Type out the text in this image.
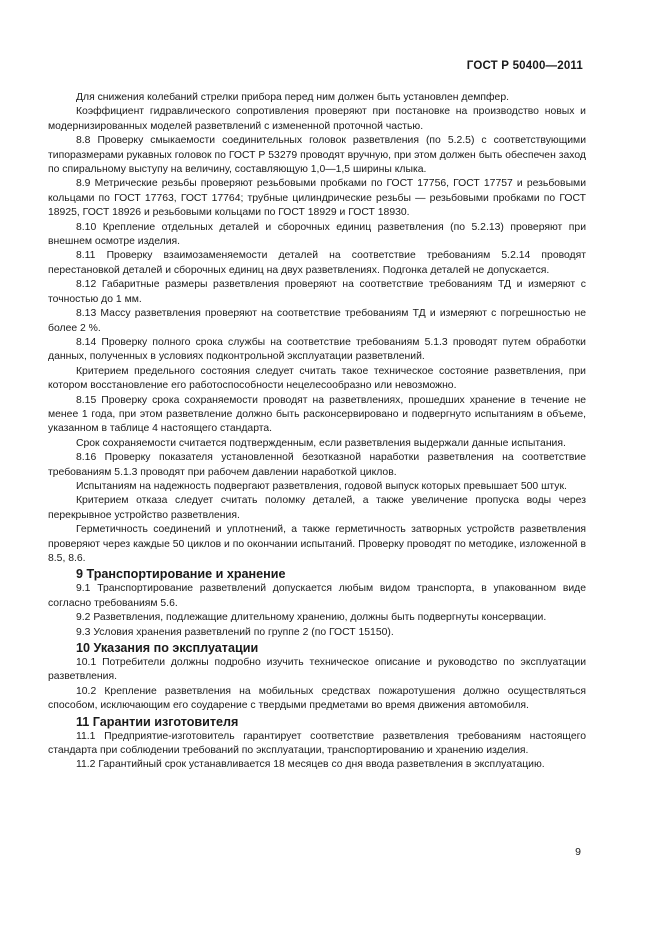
ГОСТ Р 50400—2011

Для снижения колебаний стрелки прибора перед ним должен быть установлен демпфер.

Коэффициент гидравлического сопротивления проверяют при постановке на производство новых и модернизированных моделей разветвлений с измененной проточной частью.

8.8 Проверку смыкаемости соединительных головок разветвления (по 5.2.5) с соответствующими типоразмерами рукавных головок по ГОСТ Р 53279 проводят вручную, при этом должен быть обеспечен заход по спиральному выступу на величину, составляющую 1,0—1,5 ширины клыка.

8.9 Метрические резьбы проверяют резьбовыми пробками по ГОСТ 17756, ГОСТ 17757 и резьбовыми кольцами по ГОСТ 17763, ГОСТ 17764; трубные цилиндрические резьбы — резьбовыми пробками по ГОСТ 18925, ГОСТ 18926 и резьбовыми кольцами по ГОСТ 18929 и ГОСТ 18930.

8.10 Крепление отдельных деталей и сборочных единиц разветвления (по 5.2.13) проверяют при внешнем осмотре изделия.

8.11 Проверку взаимозаменяемости деталей на соответствие требованиям 5.2.14 проводят перестановкой деталей и сборочных единиц на двух разветвлениях. Подгонка деталей не допускается.

8.12 Габаритные размеры разветвления проверяют на соответствие требованиям ТД и измеряют с точностью до 1 мм.

8.13 Массу разветвления проверяют на соответствие требованиям ТД и измеряют с погрешностью не более 2 %.

8.14 Проверку полного срока службы на соответствие требованиям 5.1.3 проводят путем обработки данных, полученных в условиях подконтрольной эксплуатации разветвлений.

Критерием предельного состояния следует считать такое техническое состояние разветвления, при котором восстановление его работоспособности нецелесообразно или невозможно.

8.15 Проверку срока сохраняемости проводят на разветвлениях, прошедших хранение в течение не менее 1 года, при этом разветвление должно быть расконсервировано и подвергнуто испытаниям в объеме, указанном в таблице 4 настоящего стандарта.

Срок сохраняемости считается подтвержденным, если разветвления выдержали данные испытания.

8.16 Проверку показателя установленной безотказной наработки разветвления на соответствие требованиям 5.1.3 проводят при рабочем давлении наработкой циклов.

Испытаниям на надежность подвергают разветвления, годовой выпуск которых превышает 500 штук.

Критерием отказа следует считать поломку деталей, а также увеличение пропуска воды через перекрывное устройство разветвления.

Герметичность соединений и уплотнений, а также герметичность затворных устройств разветвления проверяют через каждые 50 циклов и по окончании испытаний. Проверку проводят по методике, изложенной в 8.5, 8.6.

9 Транспортирование и хранение

9.1 Транспортирование разветвлений допускается любым видом транспорта, в упакованном виде согласно требованиям 5.6.

9.2 Разветвления, подлежащие длительному хранению, должны быть подвергнуты консервации.

9.3 Условия хранения разветвлений по группе 2 (по ГОСТ 15150).

10 Указания по эксплуатации

10.1 Потребители должны подробно изучить техническое описание и руководство по эксплуатации разветвления.

10.2 Крепление разветвления на мобильных средствах пожаротушения должно осуществляться способом, исключающим его соударение с твердыми предметами во время движения автомобиля.

11 Гарантии изготовителя

11.1 Предприятие-изготовитель гарантирует соответствие разветвления требованиям настоящего стандарта при соблюдении требований по эксплуатации, транспортированию и хранению изделия.

11.2 Гарантийный срок устанавливается 18 месяцев со дня ввода разветвления в эксплуатацию.

9
